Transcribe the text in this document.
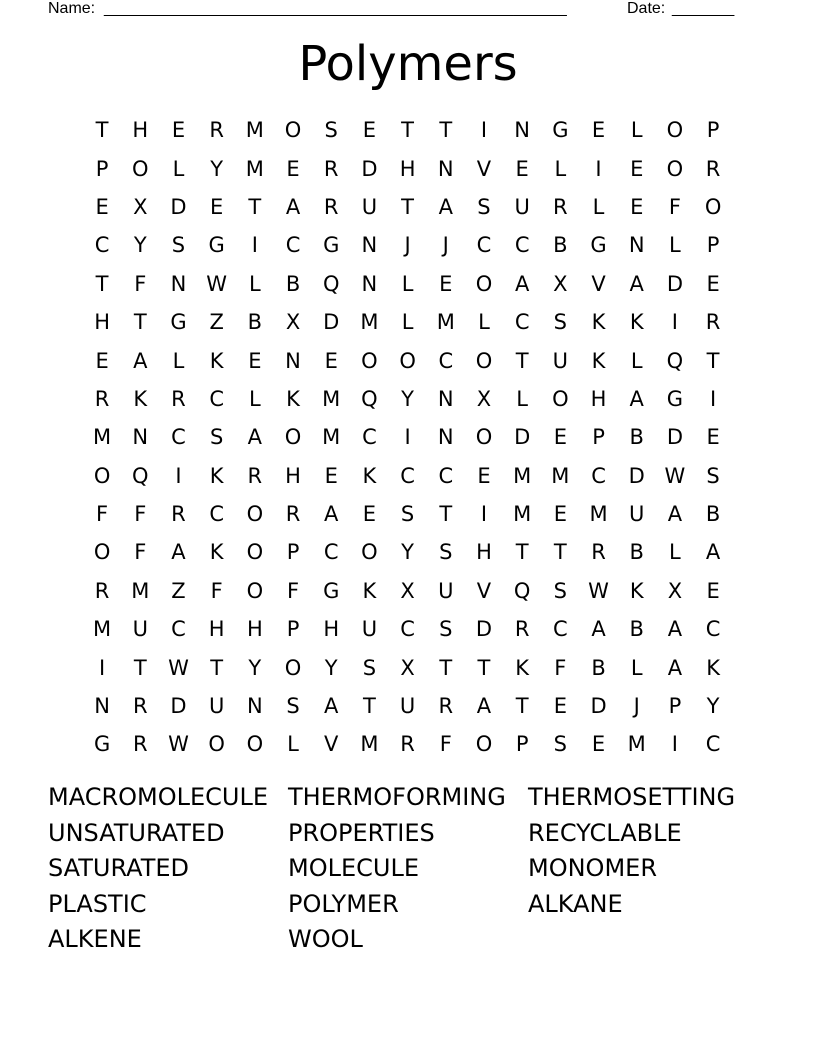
Name: ____________________________________________________	Date: _______
Polymers
T	H	E	R	M O	S	E	T	T	I	N	G	E	L	O	P
P	O	L	Y	M	E	R	D	H	N	V	E	L	I	E	O	R
E	X	D	E	T	A	R	U	T	A	S	U	R	L	E	F	O
C	Y	S	G	I	C	G	N	J	J	C	C	B	G	N	L	P
T	F	N W	L	B	Q	N	L	E	O	A	X	V	A	D	E
H	T	G	Z	B	X	D	M	L	M	L	C	S	K	K	I	R
E	A	L	K	E	N	E	O	O	C	O	T	U	K	L	Q	T
R	K	R	C	L	K	M Q	Y	N	X	L	O	H	A	G	I
M	N	C	S	A	O M	C	I	N	O	D	E	P	B	D	E
O	Q	I	K	R	H	E	K	C	C	E	M M	C	D W	S
F	F	R	C	O	R	A	E	S	T	I	M	E	M	U	A	B
O	F	A	K	O	P	C	O	Y	S	H	T	T	R	B	L	A
R	M	Z	F	O	F	G	K	X	U	V	Q	S	W K	X	E
M	U	C	H	H	P	H	U	C	S	D	R	C	A	B	A	C
I	T	W	T	Y	O	Y	S	X	T	T	K	F	B	L	A	K
N	R	D	U	N	S	A	T	U	R	A	T	E	D	J	P	Y
G	R W O	O	L	V	M	R	F	O	P	S	E	M	I	C
MACROMOLECULE
UNSATURATED
SATURATED
PLASTIC
ALKENE
THERMOFORMING
PROPERTIES
MOLECULE
POLYMER
WOOL
THERMOSETTING
RECYCLABLE
MONOMER
ALKANE
